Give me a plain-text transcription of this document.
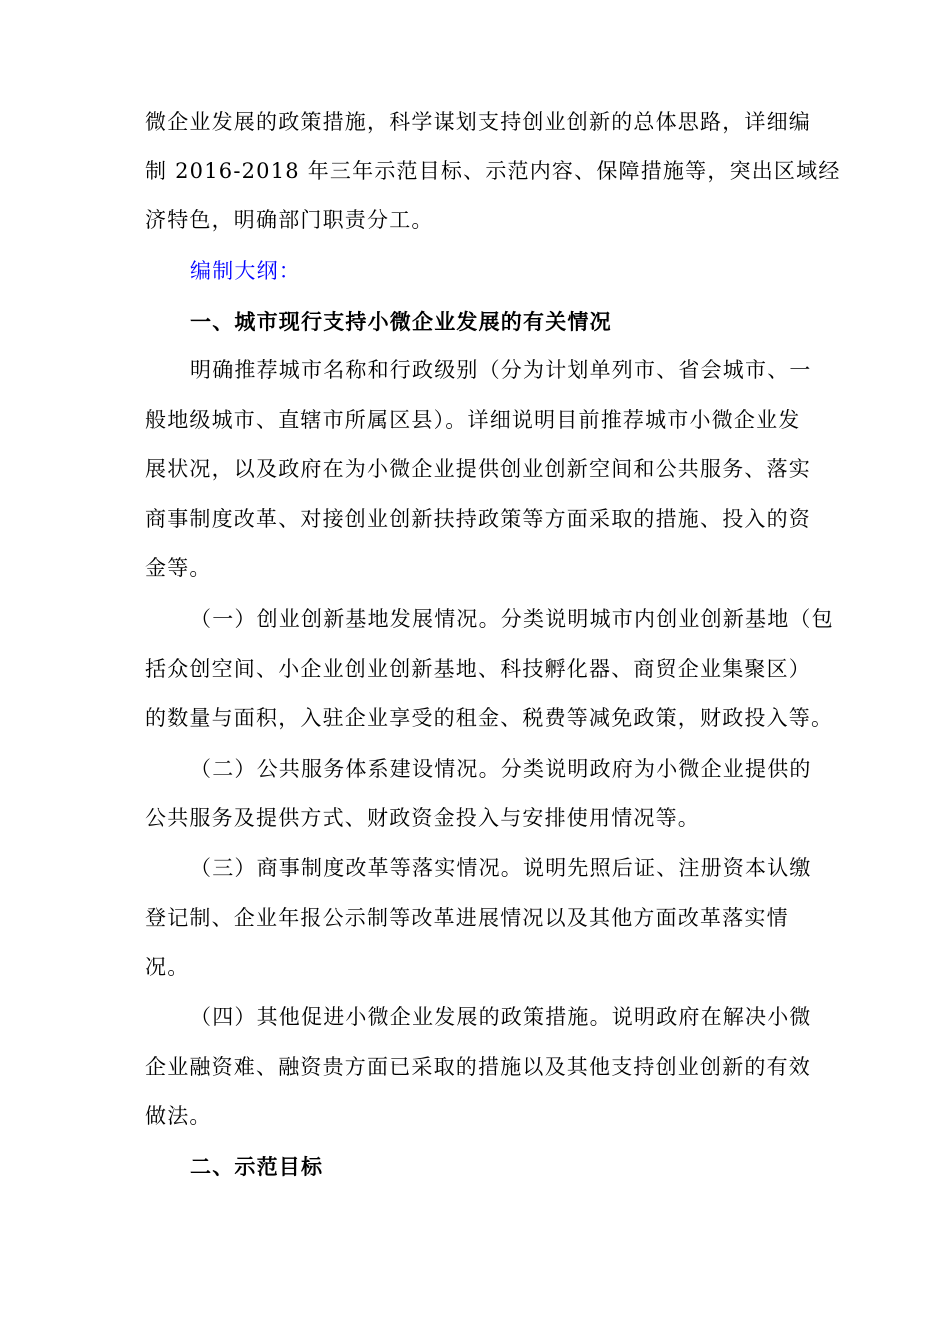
微企业发展的政策措施，科学谋划支持创业创新的总体思路，详细编
制 2016-2018 年三年示范目标、示范内容、保障措施等，突出区域经
济特色，明确部门职责分工。
编制大纲：
一、城市现行支持小微企业发展的有关情况
明确推荐城市名称和行政级别（分为计划单列市、省会城市、一
般地级城市、直辖市所属区县）。详细说明目前推荐城市小微企业发
展状况，以及政府在为小微企业提供创业创新空间和公共服务、落实
商事制度改革、对接创业创新扶持政策等方面采取的措施、投入的资
金等。
（一）创业创新基地发展情况。分类说明城市内创业创新基地（包
括众创空间、小企业创业创新基地、科技孵化器、商贸企业集聚区）
的数量与面积，入驻企业享受的租金、税费等减免政策，财政投入等。
（二）公共服务体系建设情况。分类说明政府为小微企业提供的
公共服务及提供方式、财政资金投入与安排使用情况等。
（三）商事制度改革等落实情况。说明先照后证、注册资本认缴
登记制、企业年报公示制等改革进展情况以及其他方面改革落实情
况。
（四）其他促进小微企业发展的政策措施。说明政府在解决小微
企业融资难、融资贵方面已采取的措施以及其他支持创业创新的有效
做法。
二、示范目标
